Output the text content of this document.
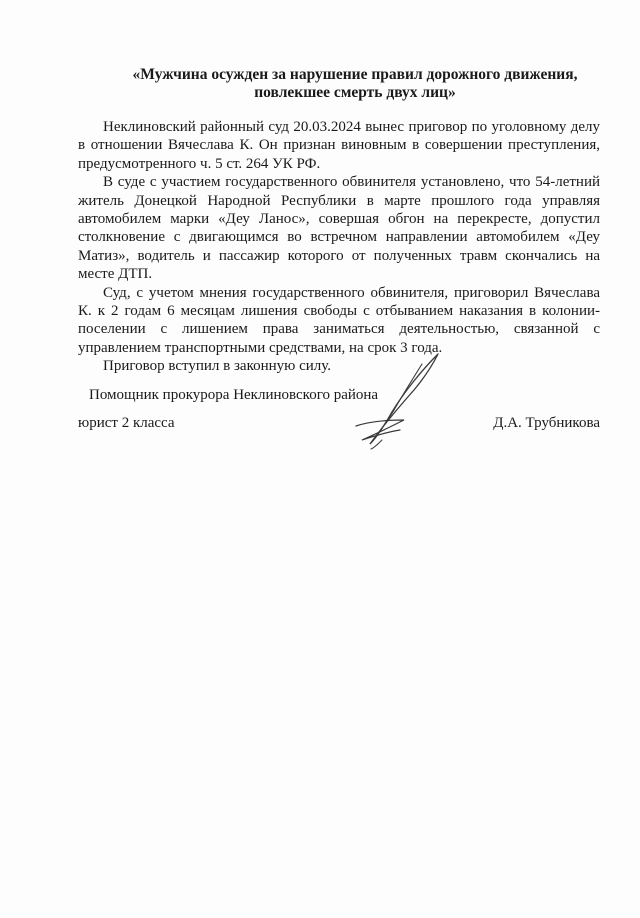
«Мужчина осужден за нарушение правил дорожного движения,
повлекшее смерть двух лиц»

Неклиновский районный суд 20.03.2024 вынес приговор по уголовному делу в отношении Вячеслава К. Он признан виновным в совершении преступления, предусмотренного ч. 5 ст. 264 УК РФ.

В суде с участием государственного обвинителя установлено, что 54-летний житель Донецкой Народной Республики в марте прошлого года управляя автомобилем марки «Деу Ланос», совершая обгон на перекресте, допустил столкновение с двигающимся во встречном направлении автомобилем «Деу Матиз», водитель и пассажир которого от полученных травм скончались на месте ДТП.

Суд, с учетом мнения государственного обвинителя, приговорил Вячеслава К. к 2 годам 6 месяцам лишения свободы с отбыванием наказания в колонии-поселении с лишением права заниматься деятельностью, связанной с управлением транспортными средствами, на срок 3 года.

Приговор вступил в законную силу.

Помощник прокурора Неклиновского района
юрист 2 класса	Д.А. Трубникова
